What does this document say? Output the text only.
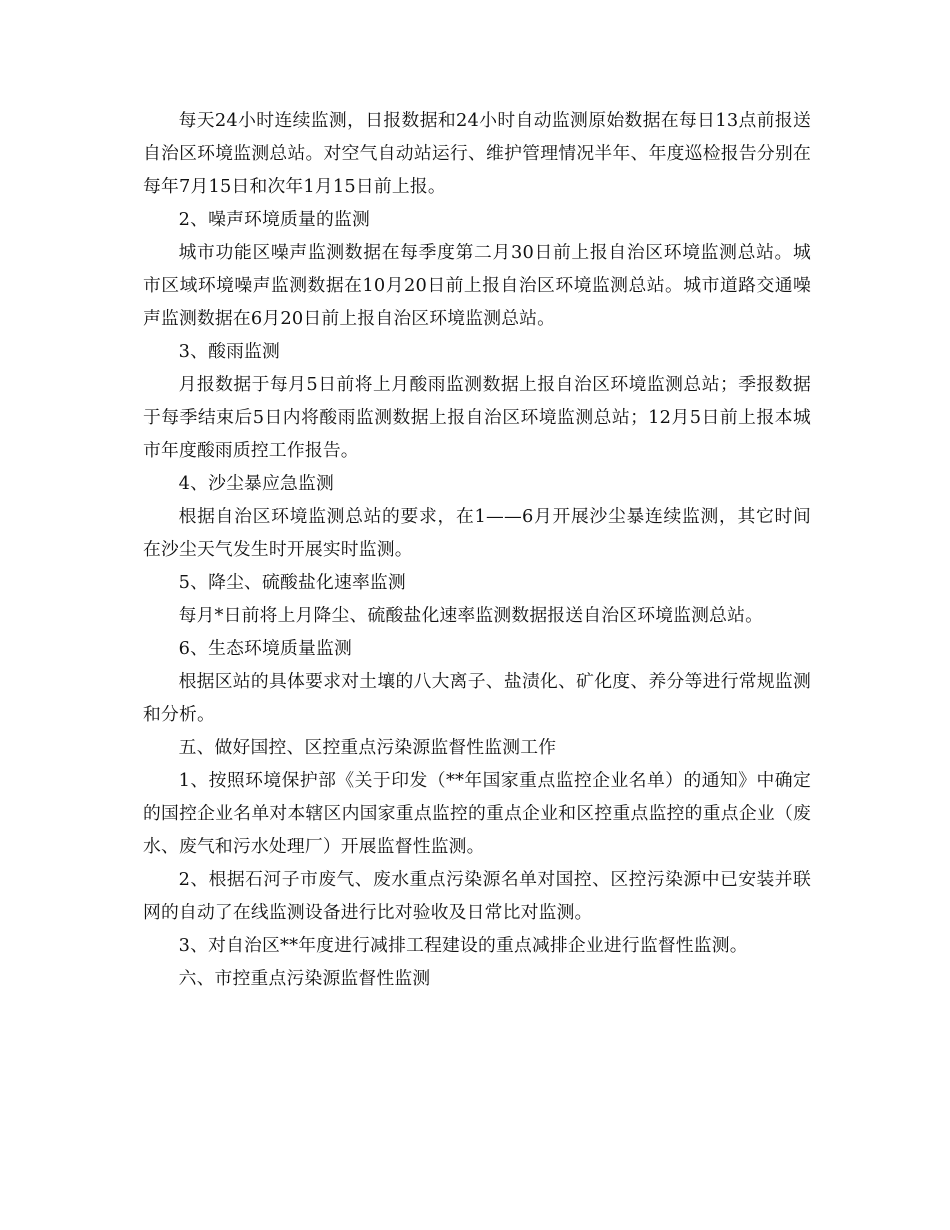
每天24小时连续监测，日报数据和24小时自动监测原始数据在每日13点前报送自治区环境监测总站。对空气自动站运行、维护管理情况半年、年度巡检报告分别在每年7月15日和次年1月15日前上报。

2、噪声环境质量的监测

城市功能区噪声监测数据在每季度第二月30日前上报自治区环境监测总站。城市区域环境噪声监测数据在10月20日前上报自治区环境监测总站。城市道路交通噪声监测数据在6月20日前上报自治区环境监测总站。

3、酸雨监测

月报数据于每月5日前将上月酸雨监测数据上报自治区环境监测总站；季报数据于每季结束后5日内将酸雨监测数据上报自治区环境监测总站；12月5日前上报本城市年度酸雨质控工作报告。

4、沙尘暴应急监测

根据自治区环境监测总站的要求，在1——6月开展沙尘暴连续监测，其它时间在沙尘天气发生时开展实时监测。

5、降尘、硫酸盐化速率监测

每月*日前将上月降尘、硫酸盐化速率监测数据报送自治区环境监测总站。

6、生态环境质量监测

根据区站的具体要求对土壤的八大离子、盐渍化、矿化度、养分等进行常规监测和分析。

五、做好国控、区控重点污染源监督性监测工作

1、按照环境保护部《关于印发（**年国家重点监控企业名单）的通知》中确定的国控企业名单对本辖区内国家重点监控的重点企业和区控重点监控的重点企业（废水、废气和污水处理厂）开展监督性监测。

2、根据石河子市废气、废水重点污染源名单对国控、区控污染源中已安装并联网的自动了在线监测设备进行比对验收及日常比对监测。

3、对自治区**年度进行减排工程建设的重点减排企业进行监督性监测。

六、市控重点污染源监督性监测
